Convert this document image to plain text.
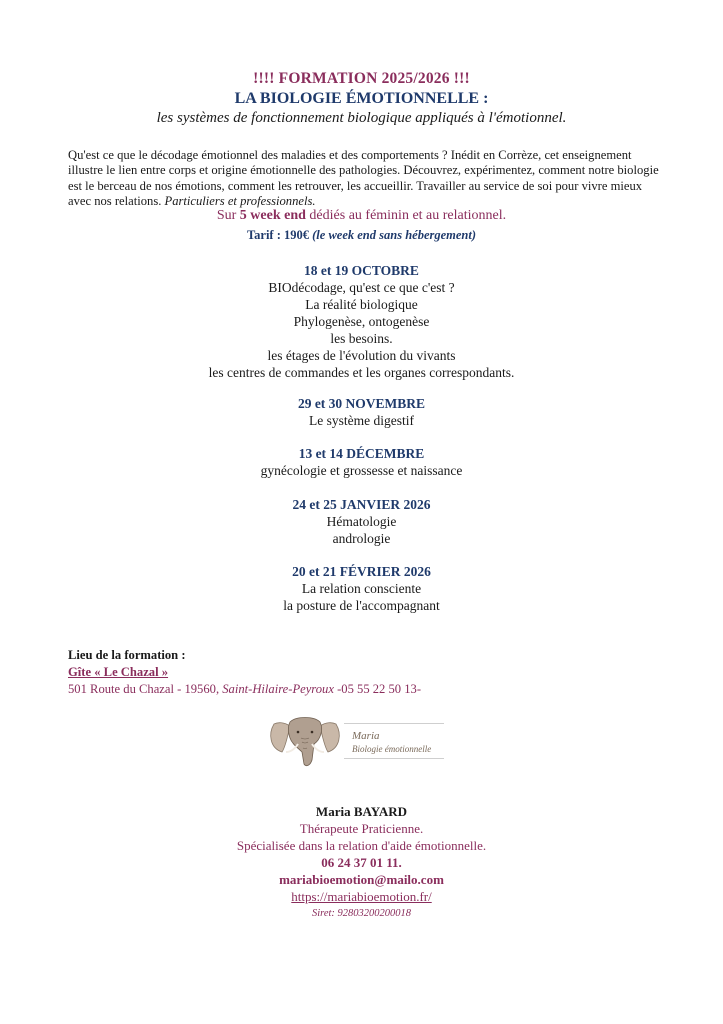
!!!! FORMATION 2025/2026 !!!
LA BIOLOGIE ÉMOTIONNELLE :
les systèmes de fonctionnement biologique appliqués à l'émotionnel.
Qu'est ce que le décodage émotionnel des maladies et des comportements ? Inédit en Corrèze, cet enseignement illustre le lien entre corps et origine émotionnelle des pathologies. Découvrez, expérimentez, comment notre biologie est le berceau de nos émotions, comment les retrouver, les accueillir. Travailler au service de soi pour vivre mieux avec nos relations. Particuliers et professionnels.
Sur 5 week end dédiés au féminin et au relationnel.
Tarif : 190€ (le week end sans hébergement)
18 et 19 OCTOBRE
BIOdécodage, qu'est ce que c'est ?
La réalité biologique
Phylogenèse, ontogenèse
les besoins.
les étages de l'évolution du vivants
les centres de commandes et les organes correspondants.
29 et 30 NOVEMBRE
Le système digestif
13 et 14 DÉCEMBRE
gynécologie et grossesse et naissance
24 et 25 JANVIER 2026
Hématologie
andrologie
20 et 21 FÉVRIER 2026
La relation consciente
la posture de l'accompagnant
Lieu de la formation :
Gîte « Le Chazal »
501 Route du Chazal - 19560, Saint-Hilaire-Peyroux -05 55 22 50 13-
Maria
Biologie émotionnelle
Maria BAYARD
Thérapeute Praticienne.
Spécialisée dans la relation d'aide émotionnelle.
06 24 37 01 11.
mariabioemotion@mailo.com
https://mariabioemotion.fr/
Siret: 92803200200018
